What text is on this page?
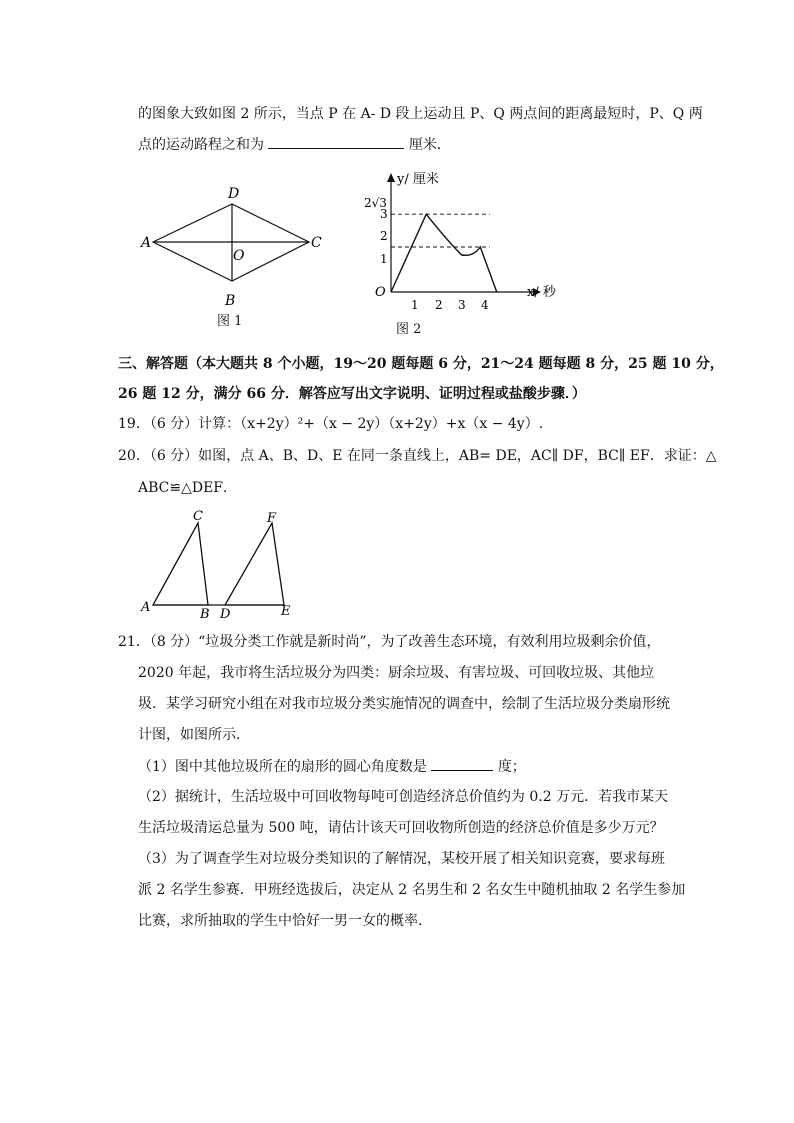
的图象大致如图 2 所示，当点 P 在 A- D 段上运动且 P、Q 两点间的距离最短时，P、Q 两
点的运动路程之和为	厘米．
A
D
C
B
O
图 1
y/ 厘米
x/ 秒
O
1
2
3
2√3
1 2 3 4
图 2
三、解答题（本大题共 8 个小题，19～20 题每题 6 分，21～24 题每题 8 分，25 题 10 分，
26 题 12 分，满分 66 分．解答应写出文字说明、证明过程或盐酸步骤．）
19．（6 分）计算：（x+2y）²+（x − 2y）（x+2y）+x（x − 4y）.
20．（6 分）如图，点 A、B、D、E 在同一条直线上，AB= DE，AC∥ DF，BC∥ EF．求证：△
ABC≌△DEF．
A
C
B D
F
E
21．（8 分）“垃圾分类工作就是新时尚”，为了改善生态环境，有效利用垃圾剩余价值，
2020 年起，我市将生活垃圾分为四类：厨余垃圾、有害垃圾、可回收垃圾、其他垃
圾．某学习研究小组在对我市垃圾分类实施情况的调查中，绘制了生活垃圾分类扇形统
计图，如图所示．
（1）图中其他垃圾所在的扇形的圆心角度数是	度；
（2）据统计，生活垃圾中可回收物每吨可创造经济总价值约为 0.2 万元．若我市某天
生活垃圾清运总量为 500 吨，请估计该天可回收物所创造的经济总价值是多少万元？
（3）为了调查学生对垃圾分类知识的了解情况，某校开展了相关知识竞赛，要求每班
派 2 名学生参赛．甲班经选拔后，决定从 2 名男生和 2 名女生中随机抽取 2 名学生参加
比赛，求所抽取的学生中恰好一男一女的概率．
